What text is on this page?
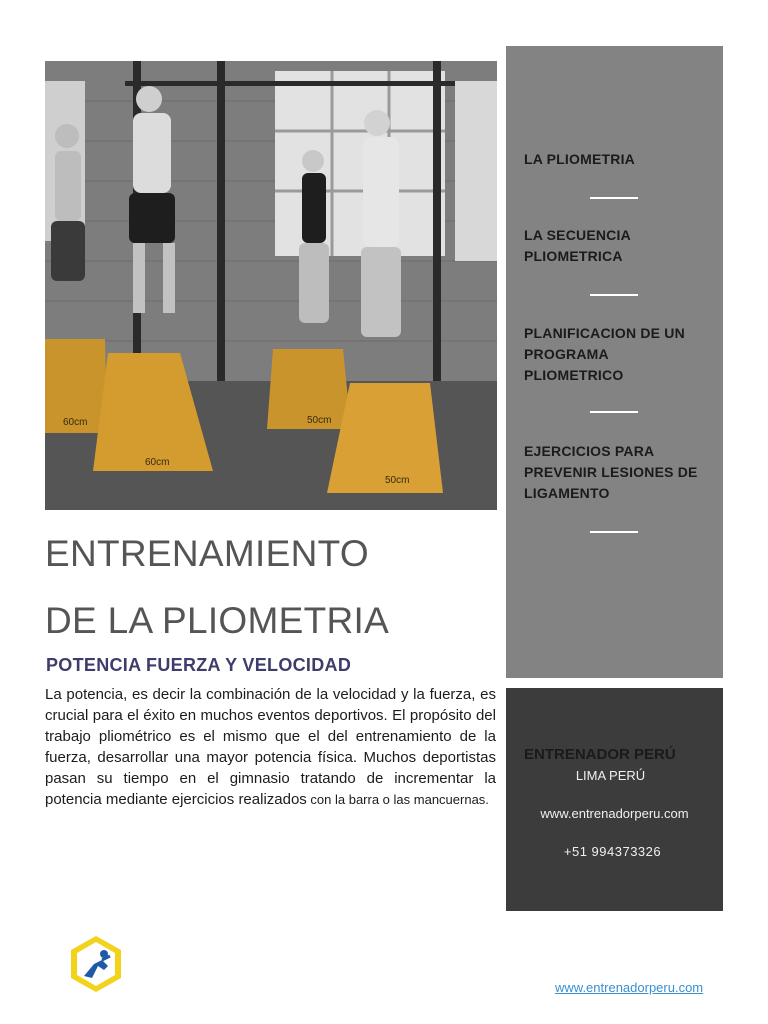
60cm
60cm
50cm
50cm
LA PLIOMETRIA
LA SECUENCIA PLIOMETRICA
PLANIFICACION DE UN PROGRAMA PLIOMETRICO
EJERCICIOS PARA PREVENIR LESIONES DE LIGAMENTO
ENTRENADOR PERÚ
LIMA PERÚ
www.entrenadorperu.com
+51 994373326
ENTRENAMIENTO
DE LA PLIOMETRIA
POTENCIA FUERZA Y VELOCIDAD
La potencia, es decir la combinación de la velocidad y la fuerza, es crucial para el éxito en muchos eventos deportivos. El propósito del trabajo pliométrico es el mismo que el del entrenamiento de la fuerza, desarrollar una mayor potencia física. Muchos deportistas pasan su tiempo en el gimnasio tratando de incrementar la potencia mediante ejercicios realizados con la barra o las mancuernas.
www.entrenadorperu.com
